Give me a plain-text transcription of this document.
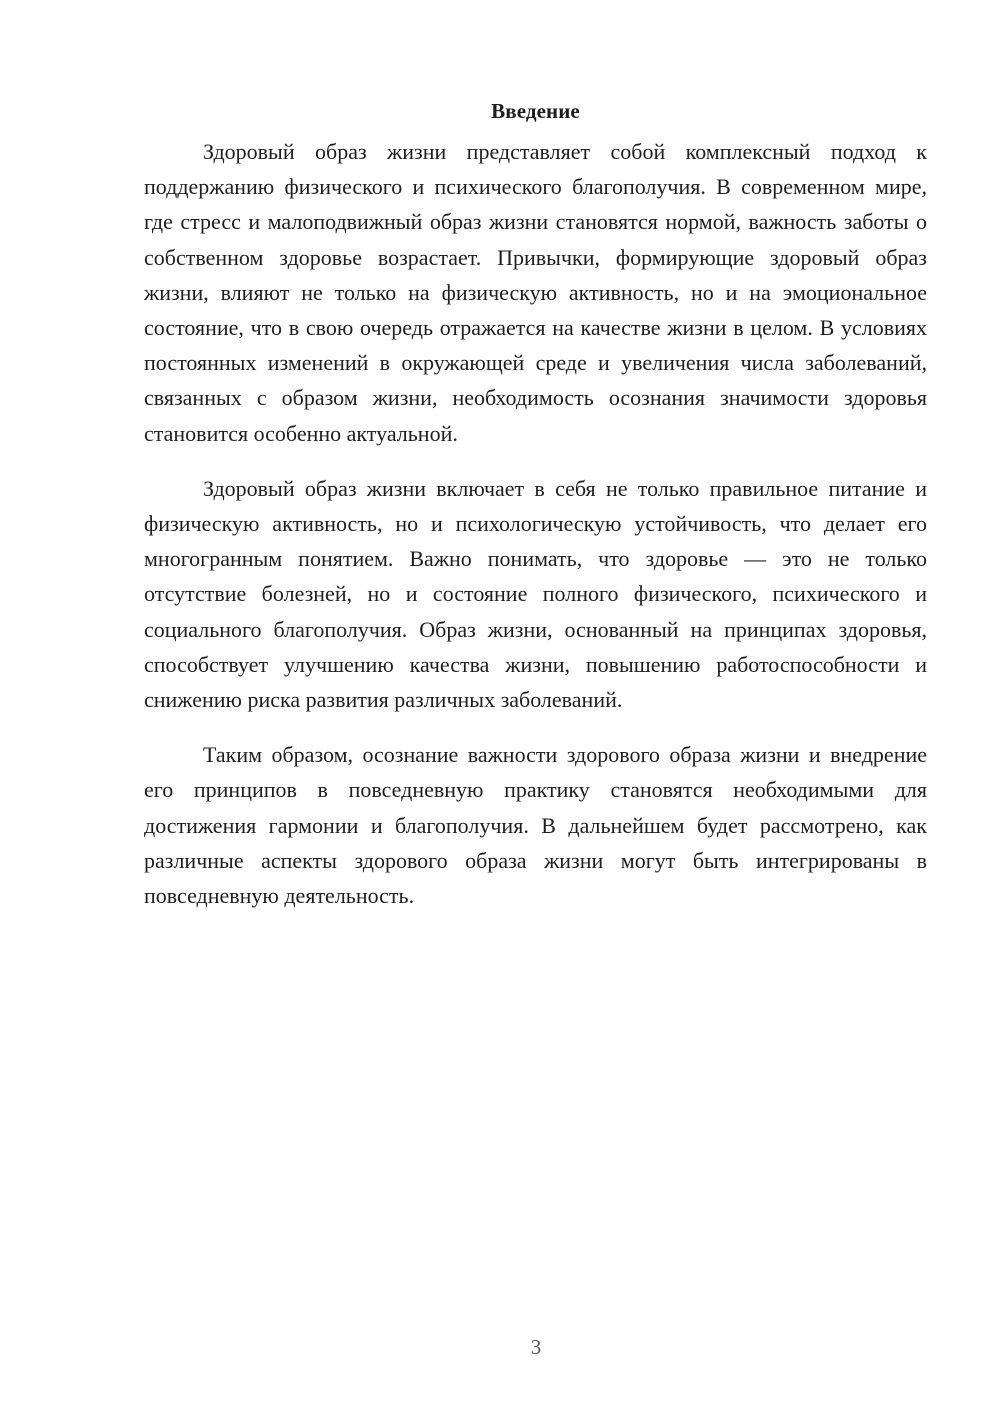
Введение

Здоровый образ жизни представляет собой комплексный подход к поддержанию физического и психического благополучия. В современном мире, где стресс и малоподвижный образ жизни становятся нормой, важность заботы о собственном здоровье возрастает. Привычки, формирующие здоровый образ жизни, влияют не только на физическую активность, но и на эмоциональное состояние, что в свою очередь отражается на качестве жизни в целом. В условиях постоянных изменений в окружающей среде и увеличения числа заболеваний, связанных с образом жизни, необходимость осознания значимости здоровья становится особенно актуальной.

Здоровый образ жизни включает в себя не только правильное питание и физическую активность, но и психологическую устойчивость, что делает его многогранным понятием. Важно понимать, что здоровье — это не только отсутствие болезней, но и состояние полного физического, психического и социального благополучия. Образ жизни, основанный на принципах здоровья, способствует улучшению качества жизни, повышению работоспособности и снижению риска развития различных заболеваний.

Таким образом, осознание важности здорового образа жизни и внедрение его принципов в повседневную практику становятся необходимыми для достижения гармонии и благополучия. В дальнейшем будет рассмотрено, как различные аспекты здорового образа жизни могут быть интегрированы в повседневную деятельность.

3
